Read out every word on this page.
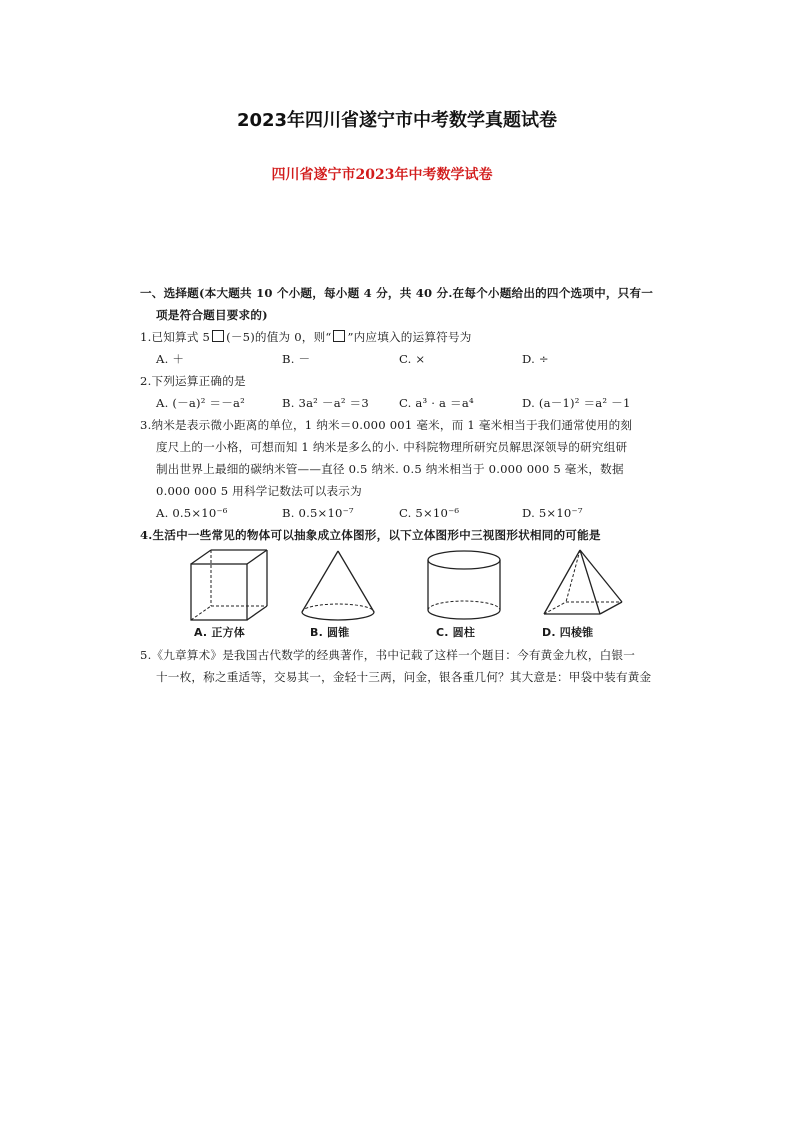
2023年四川省遂宁市中考数学真题试卷
四川省遂宁市2023年中考数学试卷
一、选择题(本大题共 10 个小题，每小题 4 分，共 40 分.在每个小题给出的四个选项中，只有一
项是符合题目要求的)
1.已知算式 5 (－5)的值为 0，则“ ”内应填入的运算符号为
A. ＋	B. －	C. ×	D. ÷
2.下列运算正确的是
A. (－a)² ＝－a²	B. 3a² －a² ＝3	C. a³ · a ＝a⁴	D. (a－1)² ＝a² －1
3.纳米是表示微小距离的单位，1 纳米＝0.000 001 毫米，而 1 毫米相当于我们通常使用的刻
度尺上的一小格，可想而知 1 纳米是多么的小. 中科院物理所研究员解思深领导的研究组研
制出世界上最细的碳纳米管——直径 0.5 纳米. 0.5 纳米相当于 0.000 000 5 毫米，数据
0.000 000 5 用科学记数法可以表示为
A. 0.5×10⁻⁶	B. 0.5×10⁻⁷	C. 5×10⁻⁶	D. 5×10⁻⁷
4.生活中一些常见的物体可以抽象成立体图形，以下立体图形中三视图形状相同的可能是
A. 正方体	B. 圆锥	C. 圆柱	D. 四棱锥
5.《九章算术》是我国古代数学的经典著作，书中记载了这样一个题目：今有黄金九枚，白银一
十一枚，称之重适等，交易其一，金轻十三两，问金，银各重几何？其大意是：甲袋中装有黄金
